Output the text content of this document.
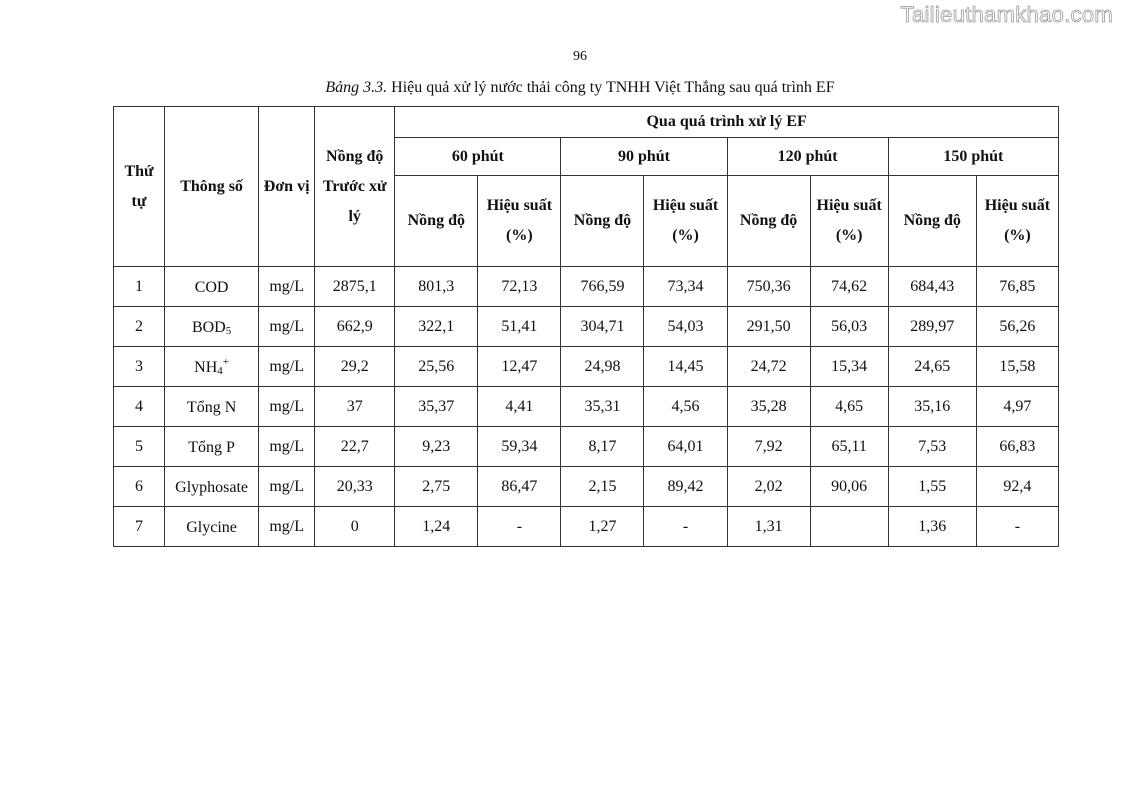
Tailieuthamkhao.com
96
Bảng 3.3. Hiệu quả xử lý nước thải công ty TNHH Việt Thắng sau quá trình EF
Thứ tự	Thông số	Đơn vị	Nồng độ Trước xử lý	Qua quá trình xử lý EF							
				60 phút		90 phút		120 phút		150 phút	
				Nồng độ	Hiệu suất (%)	Nồng độ	Hiệu suất (%)	Nồng độ	Hiệu suất (%)	Nồng độ	Hiệu suất (%)
1	COD	mg/L	2875,1	801,3	72,13	766,59	73,34	750,36	74,62	684,43	76,85
2	BOD5	mg/L	662,9	322,1	51,41	304,71	54,03	291,50	56,03	289,97	56,26
3	NH4+	mg/L	29,2	25,56	12,47	24,98	14,45	24,72	15,34	24,65	15,58
4	Tổng N	mg/L	37	35,37	4,41	35,31	4,56	35,28	4,65	35,16	4,97
5	Tổng P	mg/L	22,7	9,23	59,34	8,17	64,01	7,92	65,11	7,53	66,83
6	Glyphosate	mg/L	20,33	2,75	86,47	2,15	89,42	2,02	90,06	1,55	92,4
7	Glycine	mg/L	0	1,24	-	1,27	-	1,31		1,36	-
